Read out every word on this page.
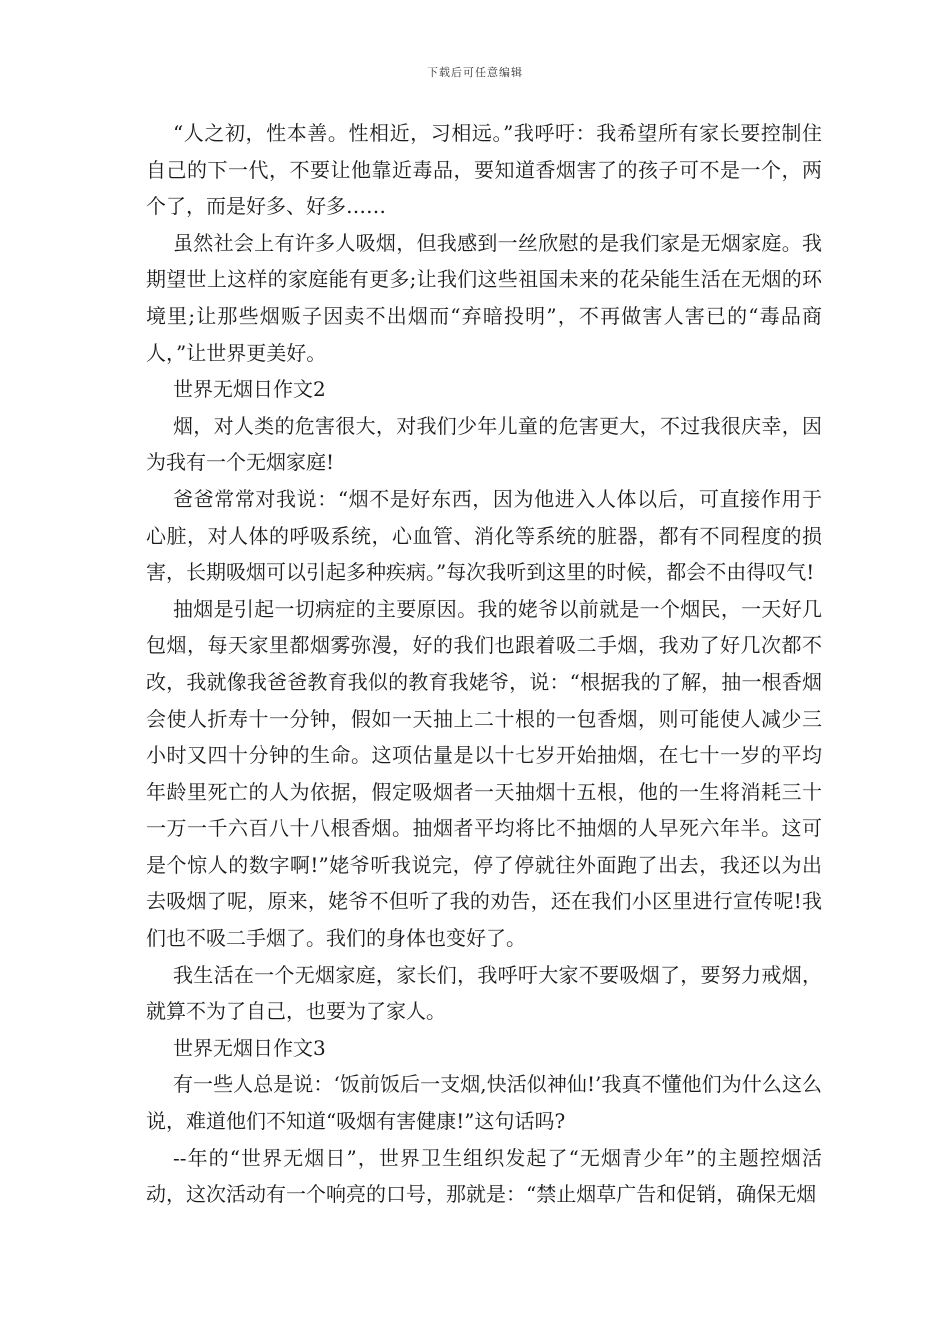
下载后可任意编辑

“人之初，性本善。性相近，习相远。”我呼吁：我希望所有家长要控制住自己的下一代，不要让他靠近毒品，要知道香烟害了的孩子可不是一个，两个了，而是好多、好多……

虽然社会上有许多人吸烟，但我感到一丝欣慰的是我们家是无烟家庭。我期望世上这样的家庭能有更多;让我们这些祖国未来的花朵能生活在无烟的环境里;让那些烟贩子因卖不出烟而“弃暗投明”，不再做害人害已的“毒品商人，”让世界更美好。

世界无烟日作文2

烟，对人类的危害很大，对我们少年儿童的危害更大，不过我很庆幸，因为我有一个无烟家庭!

爸爸常常对我说：“烟不是好东西，因为他进入人体以后，可直接作用于心脏，对人体的呼吸系统，心血管、消化等系统的脏器，都有不同程度的损害，长期吸烟可以引起多种疾病。”每次我听到这里的时候，都会不由得叹气!

抽烟是引起一切病症的主要原因。我的姥爷以前就是一个烟民，一天好几包烟，每天家里都烟雾弥漫，好的我们也跟着吸二手烟，我劝了好几次都不改，我就像我爸爸教育我似的教育我姥爷，说：“根据我的了解，抽一根香烟会使人折寿十一分钟，假如一天抽上二十根的一包香烟，则可能使人减少三小时又四十分钟的生命。这项估量是以十七岁开始抽烟，在七十一岁的平均年龄里死亡的人为依据，假定吸烟者一天抽烟十五根，他的一生将消耗三十一万一千六百八十八根香烟。抽烟者平均将比不抽烟的人早死六年半。这可是个惊人的数字啊!”姥爷听我说完，停了停就往外面跑了出去，我还以为出去吸烟了呢，原来，姥爷不但听了我的劝告，还在我们小区里进行宣传呢!我们也不吸二手烟了。我们的身体也变好了。

我生活在一个无烟家庭，家长们，我呼吁大家不要吸烟了，要努力戒烟，就算不为了自己，也要为了家人。

世界无烟日作文3

有一些人总是说：‘饭前饭后一支烟,快活似神仙!’我真不懂他们为什么这么说，难道他们不知道“吸烟有害健康!”这句话吗?

--年的“世界无烟日”，世界卫生组织发起了“无烟青少年”的主题控烟活动，这次活动有一个响亮的口号，那就是：“禁止烟草广告和促销，确保无烟
